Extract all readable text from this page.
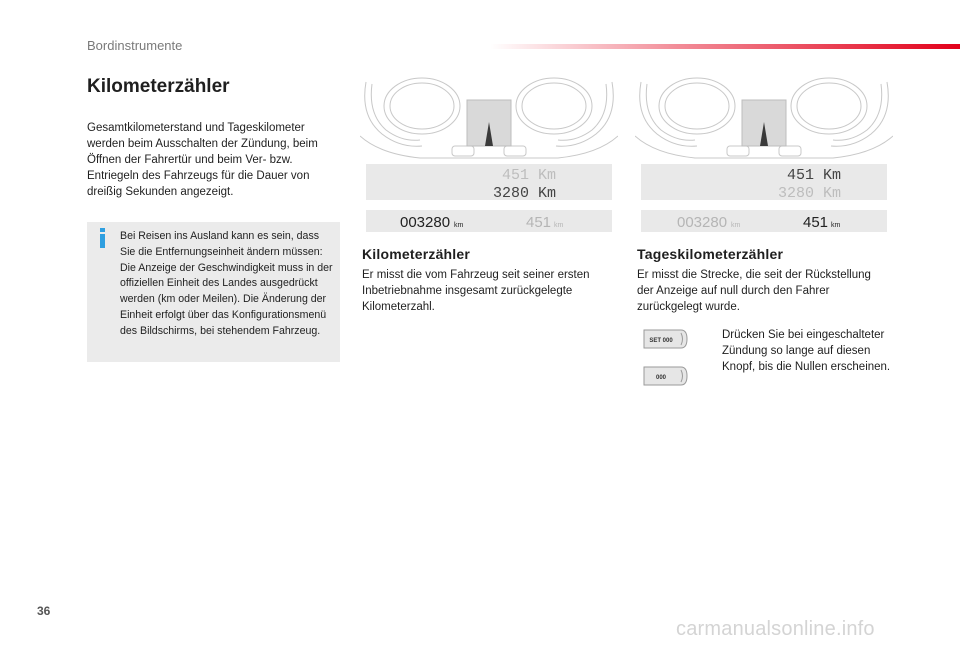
Bordinstrumente
Kilometerzähler

Gesamtkilometerstand und Tageskilometer werden beim Ausschalten der Zündung, beim Öffnen der Fahrertür und beim Ver- bzw. Entriegeln des Fahrzeugs für die Dauer von dreißig Sekunden angezeigt.

Bei Reisen ins Ausland kann es sein, dass Sie die Entfernungseinheit ändern müssen: Die Anzeige der Geschwindigkeit muss in der offiziellen Einheit des Landes ausgedrückt werden (km oder Meilen). Die Änderung der Einheit erfolgt über das Konfigurationsmenü des Bildschirms, bei stehendem Fahrzeug.

451 Km
3280 Km
003280 km	451 km
451 Km
3280 Km
003280 km	451 km
Kilometerzähler

Er misst die vom Fahrzeug seit seiner ersten Inbetriebnahme insgesamt zurückgelegte Kilometerzahl.

Tageskilometerzähler

Er misst die Strecke, die seit der Rückstellung der Anzeige auf null durch den Fahrer zurückgelegt wurde.

SET 000
000

Drücken Sie bei eingeschalteter Zündung so lange auf diesen Knopf, bis die Nullen erscheinen.

36
carmanualsonline.info
